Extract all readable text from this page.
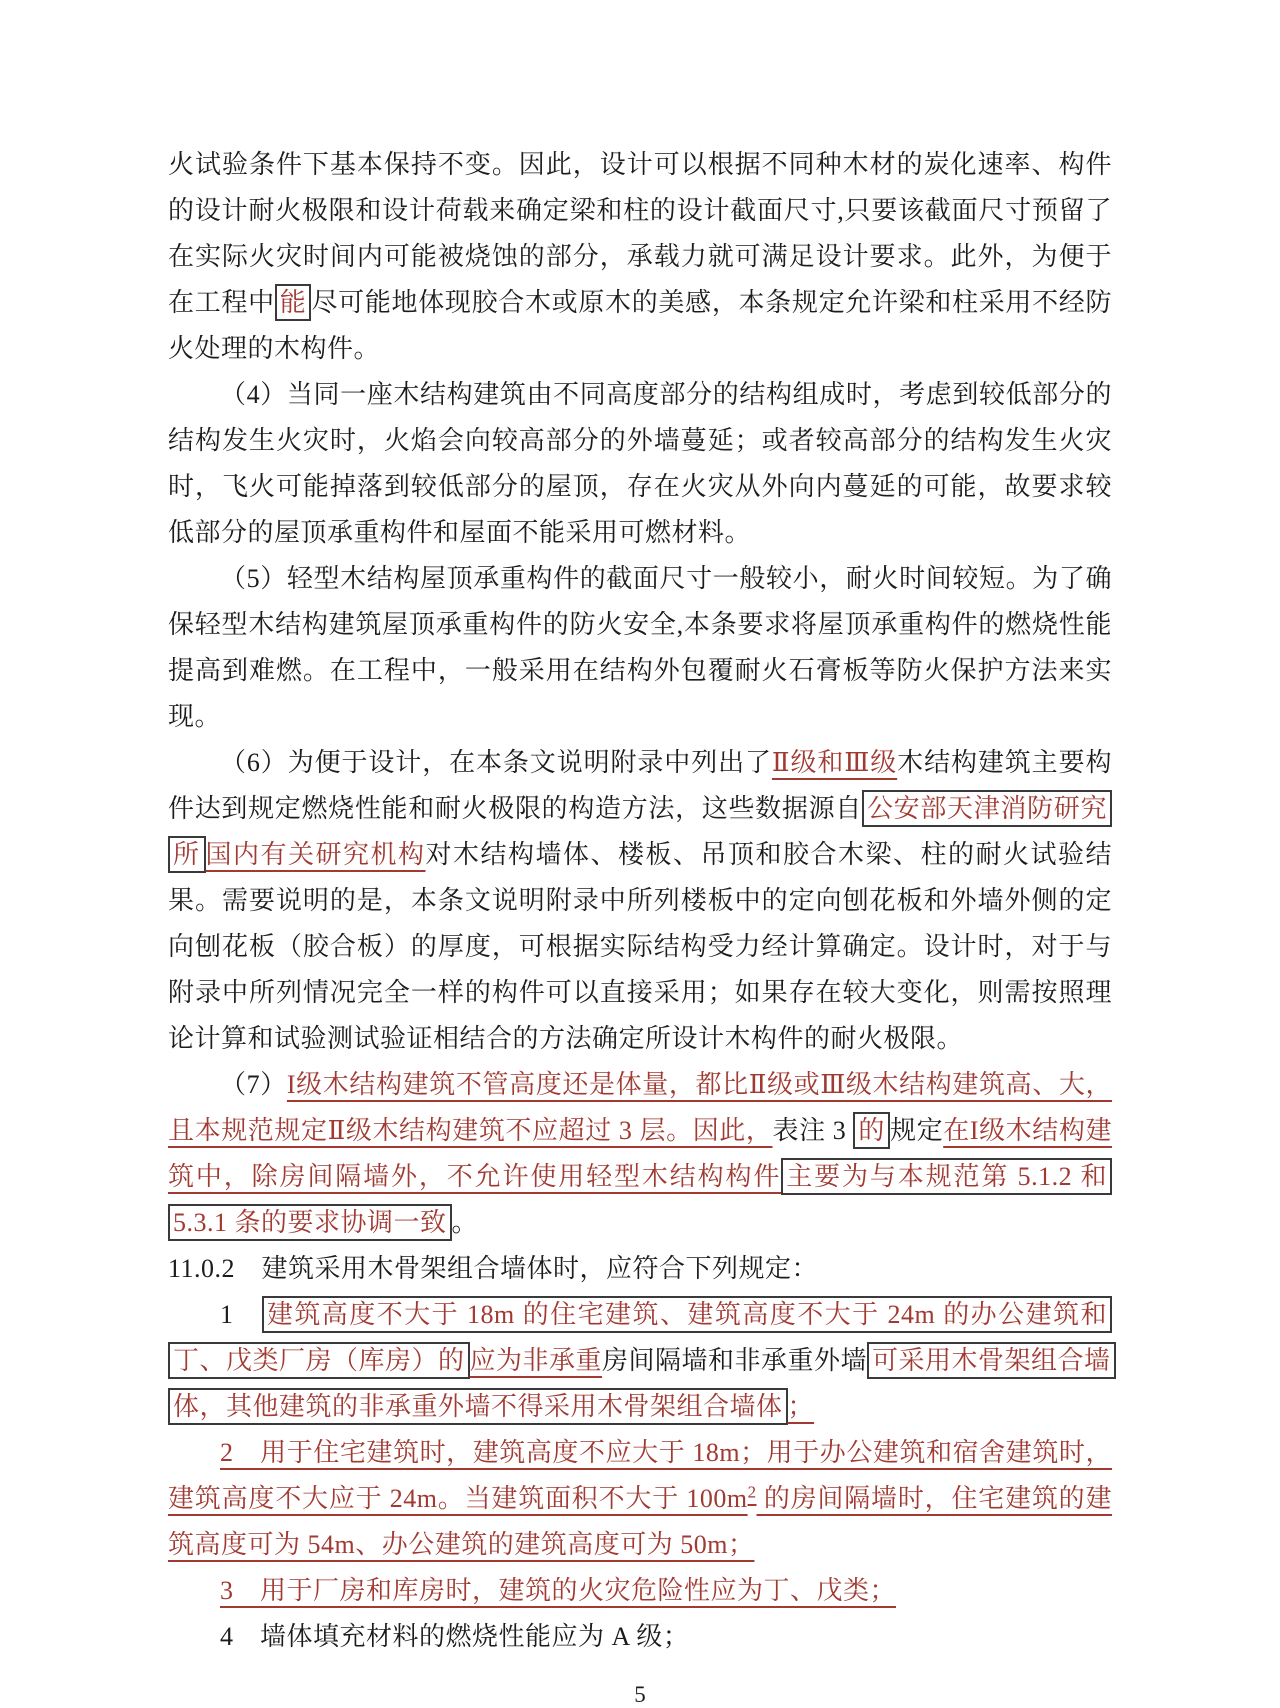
火试验条件下基本保持不变。因此，设计可以根据不同种木材的炭化速率、构件的设计耐火极限和设计荷载来确定梁和柱的设计截面尺寸,只要该截面尺寸预留了在实际火灾时间内可能被烧蚀的部分，承载力就可满足设计要求。此外，为便于在工程中 能 尽可能地体现胶合木或原木的美感，本条规定允许梁和柱采用不经防火处理的木构件。

（4）当同一座木结构建筑由不同高度部分的结构组成时，考虑到较低部分的结构发生火灾时，火焰会向较高部分的外墙蔓延；或者较高部分的结构发生火灾时，飞火可能掉落到较低部分的屋顶，存在火灾从外向内蔓延的可能，故要求较低部分的屋顶承重构件和屋面不能采用可燃材料。

（5）轻型木结构屋顶承重构件的截面尺寸一般较小，耐火时间较短。为了确保轻型木结构建筑屋顶承重构件的防火安全,本条要求将屋顶承重构件的燃烧性能提高到难燃。在工程中，一般采用在结构外包覆耐火石膏板等防火保护方法来实现。

（6）为便于设计，在本条文说明附录中列出了Ⅱ级和Ⅲ级木结构建筑主要构件达到规定燃烧性能和耐火极限的构造方法，这些数据源自 公安部天津消防研究所 国内有关研究机构对木结构墙体、楼板、吊顶和胶合木梁、柱的耐火试验结果。需要说明的是，本条文说明附录中所列楼板中的定向刨花板和外墙外侧的定向刨花板（胶合板）的厚度，可根据实际结构受力经计算确定。设计时，对于与附录中所列情况完全一样的构件可以直接采用；如果存在较大变化，则需按照理论计算和试验测试验证相结合的方法确定所设计木构件的耐火极限。

（7）I级木结构建筑不管高度还是体量，都比Ⅱ级或Ⅲ级木结构建筑高、大，且本规范规定Ⅱ级木结构建筑不应超过 3 层。因此，表注 3 的 规定在I级木结构建筑中，除房间隔墙外，不允许使用轻型木结构构件 主要为与本规范第 5.1.2 和 5.3.1 条的要求协调一致 。

11.0.2　建筑采用木骨架组合墙体时，应符合下列规定：

1　建筑高度不大于 18m 的住宅建筑、建筑高度不大于 24m 的办公建筑和丁、戊类厂房（库房）的 应为非承重房间隔墙和非承重外墙 可采用木骨架组合墙体，其他建筑的非承重外墙不得采用木骨架组合墙体 ；

2　用于住宅建筑时，建筑高度不应大于 18m；用于办公建筑和宿舍建筑时，建筑高度不大应于 24m。当建筑面积不大于 $100m^2$ 的房间隔墙时，住宅建筑的建筑高度可为 54m、办公建筑的建筑高度可为 50m；

3　用于厂房和库房时，建筑的火灾危险性应为丁、戊类；

4　墙体填充材料的燃烧性能应为 A 级；

5
